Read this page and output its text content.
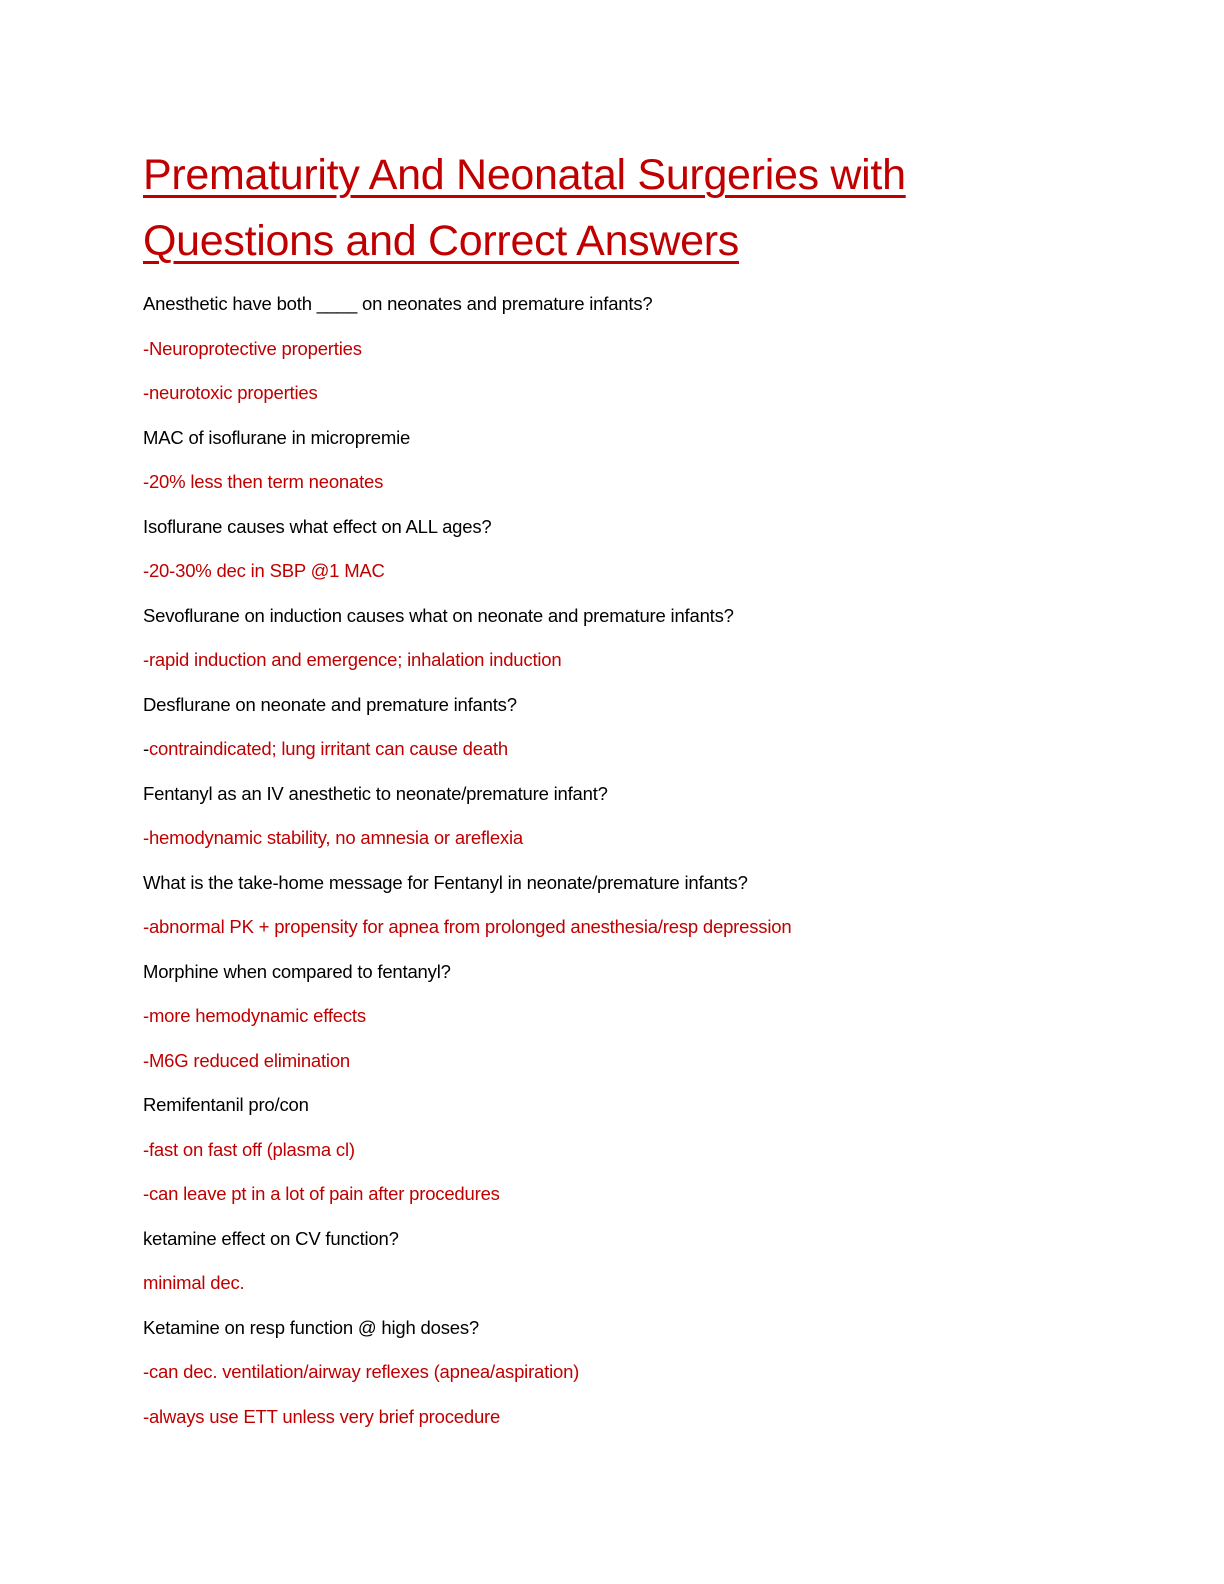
Prematurity And Neonatal Surgeries with
Questions and Correct Answers
Anesthetic have both ____ on neonates and premature infants?
-Neuroprotective properties
-neurotoxic properties
MAC of isoflurane in micropremie
-20% less then term neonates
Isoflurane causes what effect on ALL ages?
-20-30% dec in SBP @1 MAC
Sevoflurane on induction causes what on neonate and premature infants?
-rapid induction and emergence; inhalation induction
Desflurane on neonate and premature infants?
-contraindicated; lung irritant can cause death
Fentanyl as an IV anesthetic to neonate/premature infant?
-hemodynamic stability, no amnesia or areflexia
What is the take-home message for Fentanyl in neonate/premature infants?
-abnormal PK + propensity for apnea from prolonged anesthesia/resp depression
Morphine when compared to fentanyl?
-more hemodynamic effects
-M6G reduced elimination
Remifentanil pro/con
-fast on fast off (plasma cl)
-can leave pt in a lot of pain after procedures
ketamine effect on CV function?
minimal dec.
Ketamine on resp function @ high doses?
-can dec. ventilation/airway reflexes (apnea/aspiration)
-always use ETT unless very brief procedure
